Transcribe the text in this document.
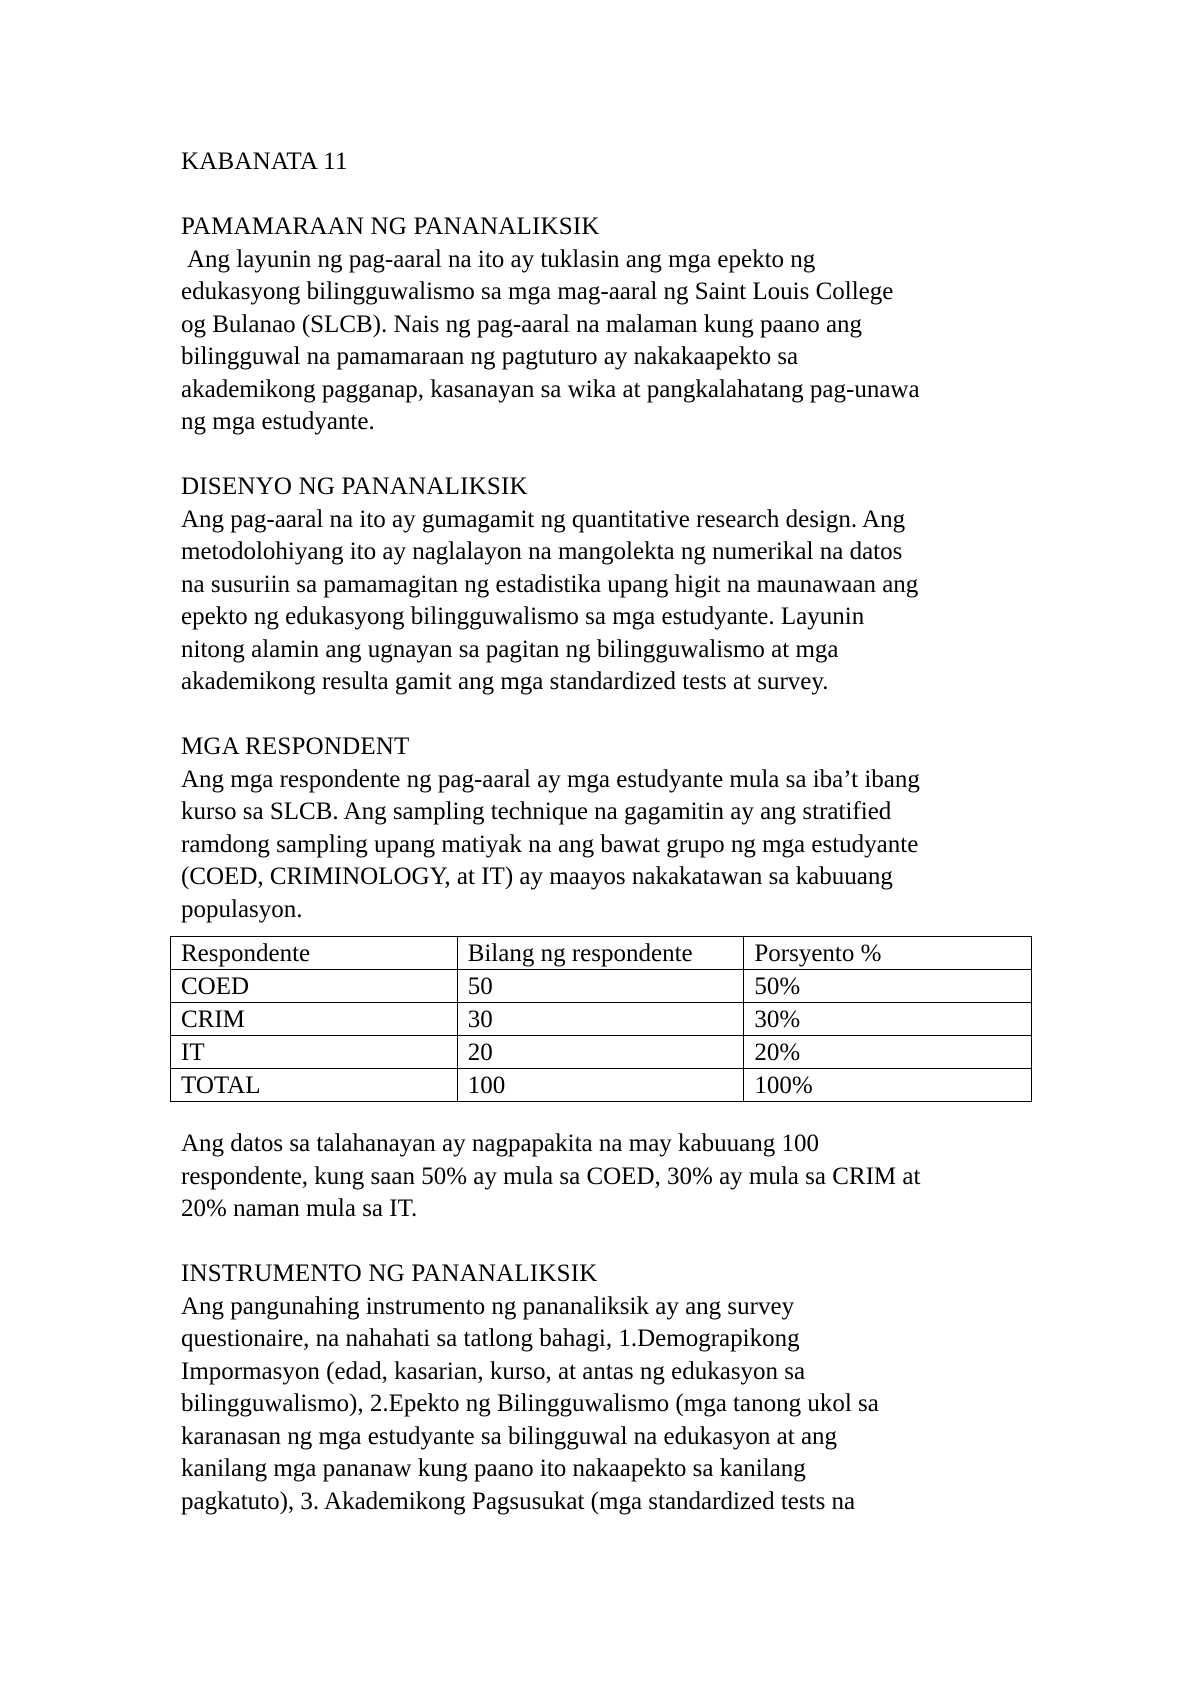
KABANATA 11

PAMAMARAAN NG PANANALIKSIK

Ang layunin ng pag-aaral na ito ay tuklasin ang mga epekto ng
edukasyong bilingguwalismo sa mga mag-aaral ng Saint Louis College
og Bulanao (SLCB). Nais ng pag-aaral na malaman kung paano ang
bilingguwal na pamamaraan ng pagtuturo ay nakakaapekto sa
akademikong pagganap, kasanayan sa wika at pangkalahatang pag-unawa
ng mga estudyante.

DISENYO NG PANANALIKSIK

Ang pag-aaral na ito ay gumagamit ng quantitative research design. Ang
metodolohiyang ito ay naglalayon na mangolekta ng numerikal na datos
na susuriin sa pamamagitan ng estadistika upang higit na maunawaan ang
epekto ng edukasyong bilingguwalismo sa mga estudyante. Layunin
nitong alamin ang ugnayan sa pagitan ng bilingguwalismo at mga
akademikong resulta gamit ang mga standardized tests at survey.

MGA RESPONDENT

Ang mga respondente ng pag-aaral ay mga estudyante mula sa iba’t ibang
kurso sa SLCB. Ang sampling technique na gagamitin ay ang stratified
ramdong sampling upang matiyak na ang bawat grupo ng mga estudyante
(COED, CRIMINOLOGY, at IT) ay maayos nakakatawan sa kabuuang
populasyon.
Respondente	Bilang ng respondente	Porsyento %
COED	50	50%
CRIM	30	30%
IT	20	20%
TOTAL	100	100%
Ang datos sa talahanayan ay nagpapakita na may kabuuang 100
respondente, kung saan 50% ay mula sa COED, 30% ay mula sa CRIM at
20% naman mula sa IT.

INSTRUMENTO NG PANANALIKSIK

Ang pangunahing instrumento ng pananaliksik ay ang survey
questionaire, na nahahati sa tatlong bahagi, 1.Demograpikong
Impormasyon (edad, kasarian, kurso, at antas ng edukasyon sa
bilingguwalismo), 2.Epekto ng Bilingguwalismo (mga tanong ukol sa
karanasan ng mga estudyante sa bilingguwal na edukasyon at ang
kanilang mga pananaw kung paano ito nakaapekto sa kanilang
pagkatuto), 3. Akademikong Pagsusukat (mga standardized tests na
